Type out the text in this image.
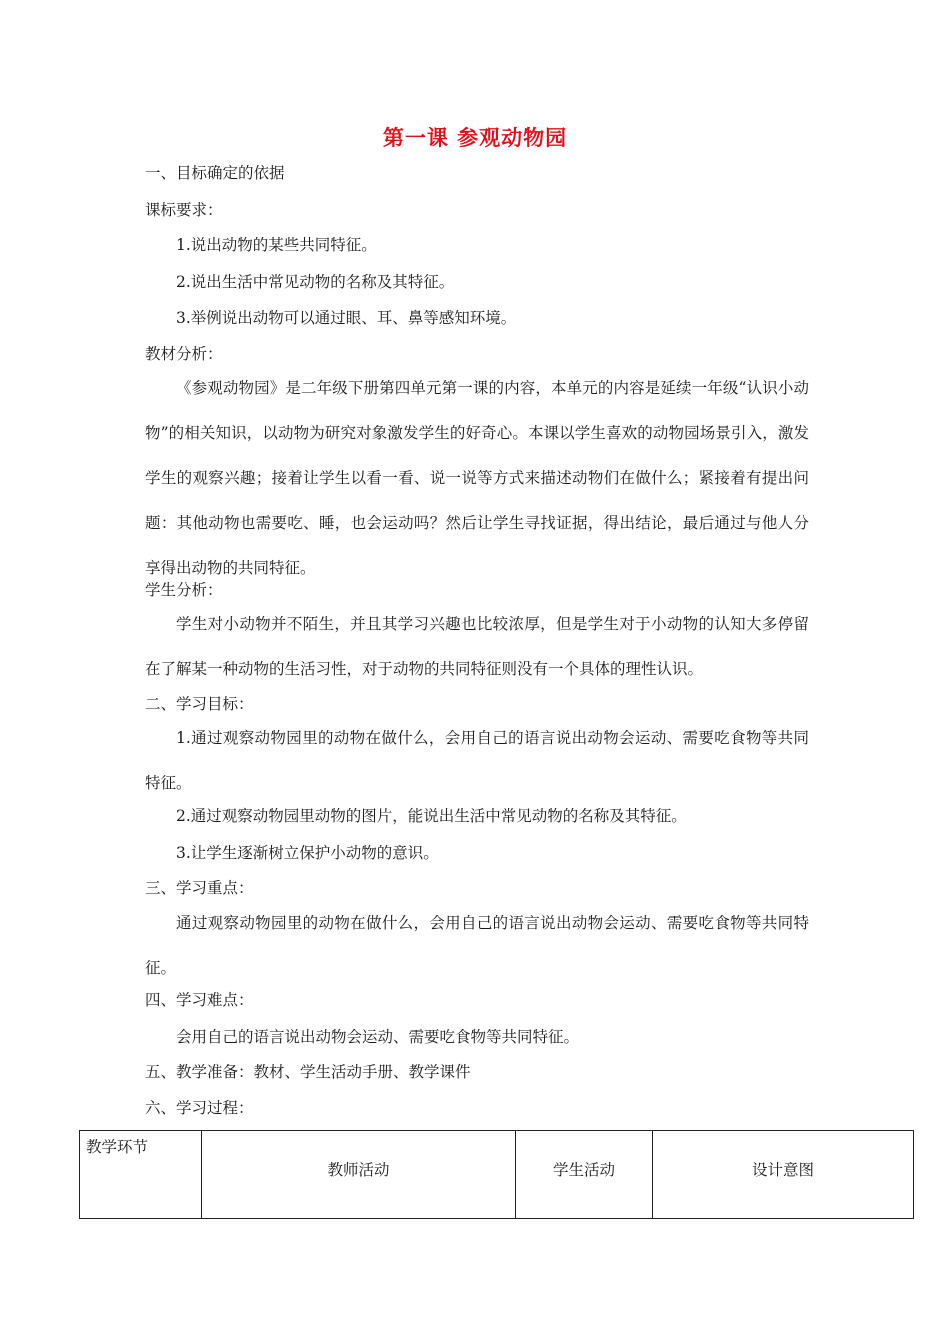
第一课 参观动物园
一、目标确定的依据
课标要求：
1.说出动物的某些共同特征。
2.说出生活中常见动物的名称及其特征。
3.举例说出动物可以通过眼、耳、鼻等感知环境。
教材分析：
《参观动物园》是二年级下册第四单元第一课的内容，本单元的内容是延续一年级“认识小动物”的相关知识，以动物为研究对象激发学生的好奇心。本课以学生喜欢的动物园场景引入，激发学生的观察兴趣；接着让学生以看一看、说一说等方式来描述动物们在做什么；紧接着有提出问题：其他动物也需要吃、睡，也会运动吗？然后让学生寻找证据，得出结论，最后通过与他人分享得出动物的共同特征。
学生分析：
学生对小动物并不陌生，并且其学习兴趣也比较浓厚，但是学生对于小动物的认知大多停留在了解某一种动物的生活习性，对于动物的共同特征则没有一个具体的理性认识。
二、学习目标：
1.通过观察动物园里的动物在做什么，会用自己的语言说出动物会运动、需要吃食物等共同特征。
2.通过观察动物园里动物的图片，能说出生活中常见动物的名称及其特征。
3.让学生逐渐树立保护小动物的意识。
三、学习重点：
通过观察动物园里的动物在做什么，会用自己的语言说出动物会运动、需要吃食物等共同特征。
四、学习难点：
会用自己的语言说出动物会运动、需要吃食物等共同特征。
五、教学准备：教材、学生活动手册、教学课件
六、学习过程：
教学环节	教师活动	学生活动	设计意图
